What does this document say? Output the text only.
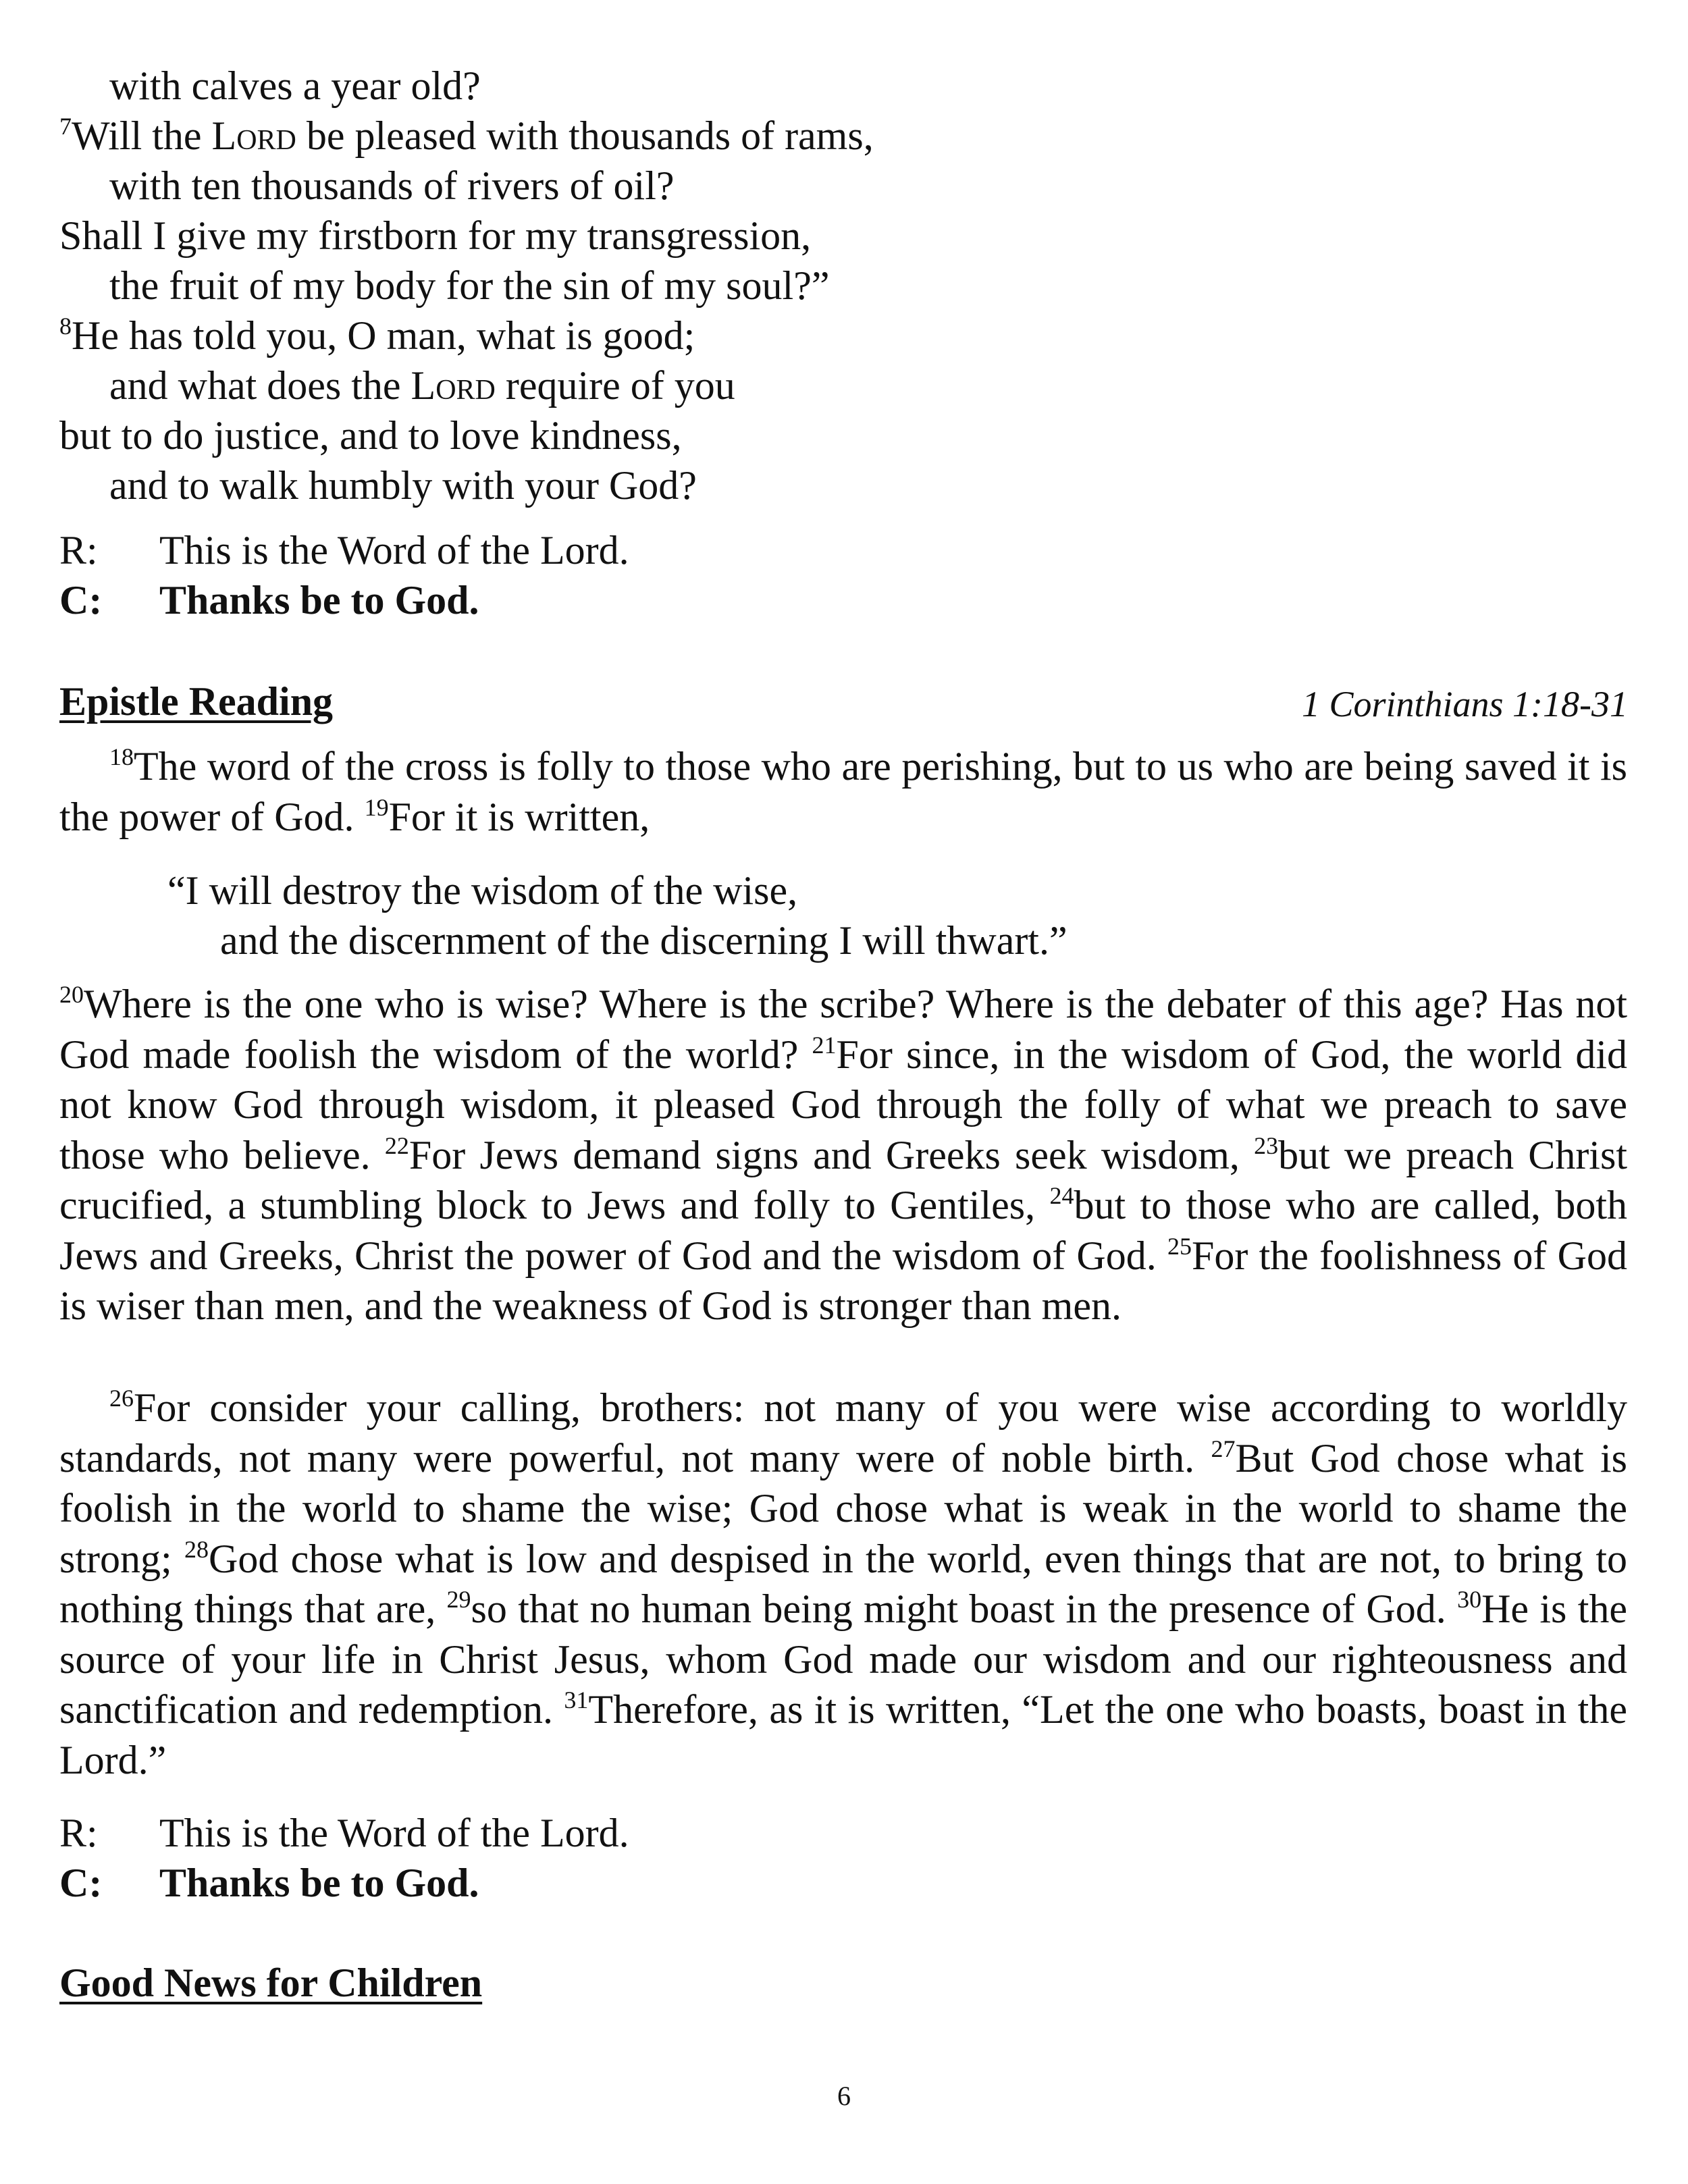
with calves a year old?
$^7$Will the Lord be pleased with thousands of rams,
with ten thousands of rivers of oil?
Shall I give my firstborn for my transgression,
the fruit of my body for the sin of my soul?”
$^8$He has told you, O man, what is good;
and what does the Lord require of you
but to do justice, and to love kindness,
and to walk humbly with your God?
R: This is the Word of the Lord.
C: Thanks be to God.
Epistle Reading	1 Corinthians 1:18-31
$^{18}$The word of the cross is folly to those who are perishing, but to us who are being saved it is the power of God. $^{19}$For it is written,
“I will destroy the wisdom of the wise,
and the discernment of the discerning I will thwart.”
$^{20}$Where is the one who is wise? Where is the scribe? Where is the debater of this age? Has not God made foolish the wisdom of the world? $^{21}$For since, in the wisdom of God, the world did not know God through wisdom, it pleased God through the folly of what we preach to save those who believe. $^{22}$For Jews demand signs and Greeks seek wisdom, $^{23}$but we preach Christ crucified, a stumbling block to Jews and folly to Gentiles, $^{24}$but to those who are called, both Jews and Greeks, Christ the power of God and the wisdom of God. $^{25}$For the foolishness of God is wiser than men, and the weakness of God is stronger than men.
$^{26}$For consider your calling, brothers: not many of you were wise according to worldly standards, not many were powerful, not many were of noble birth. $^{27}$But God chose what is foolish in the world to shame the wise; God chose what is weak in the world to shame the strong; $^{28}$God chose what is low and despised in the world, even things that are not, to bring to nothing things that are, $^{29}$so that no human being might boast in the presence of God. $^{30}$He is the source of your life in Christ Jesus, whom God made our wisdom and our righteousness and sanctification and redemption. $^{31}$Therefore, as it is written, “Let the one who boasts, boast in the Lord.”
R: This is the Word of the Lord.
C: Thanks be to God.
Good News for Children
6
